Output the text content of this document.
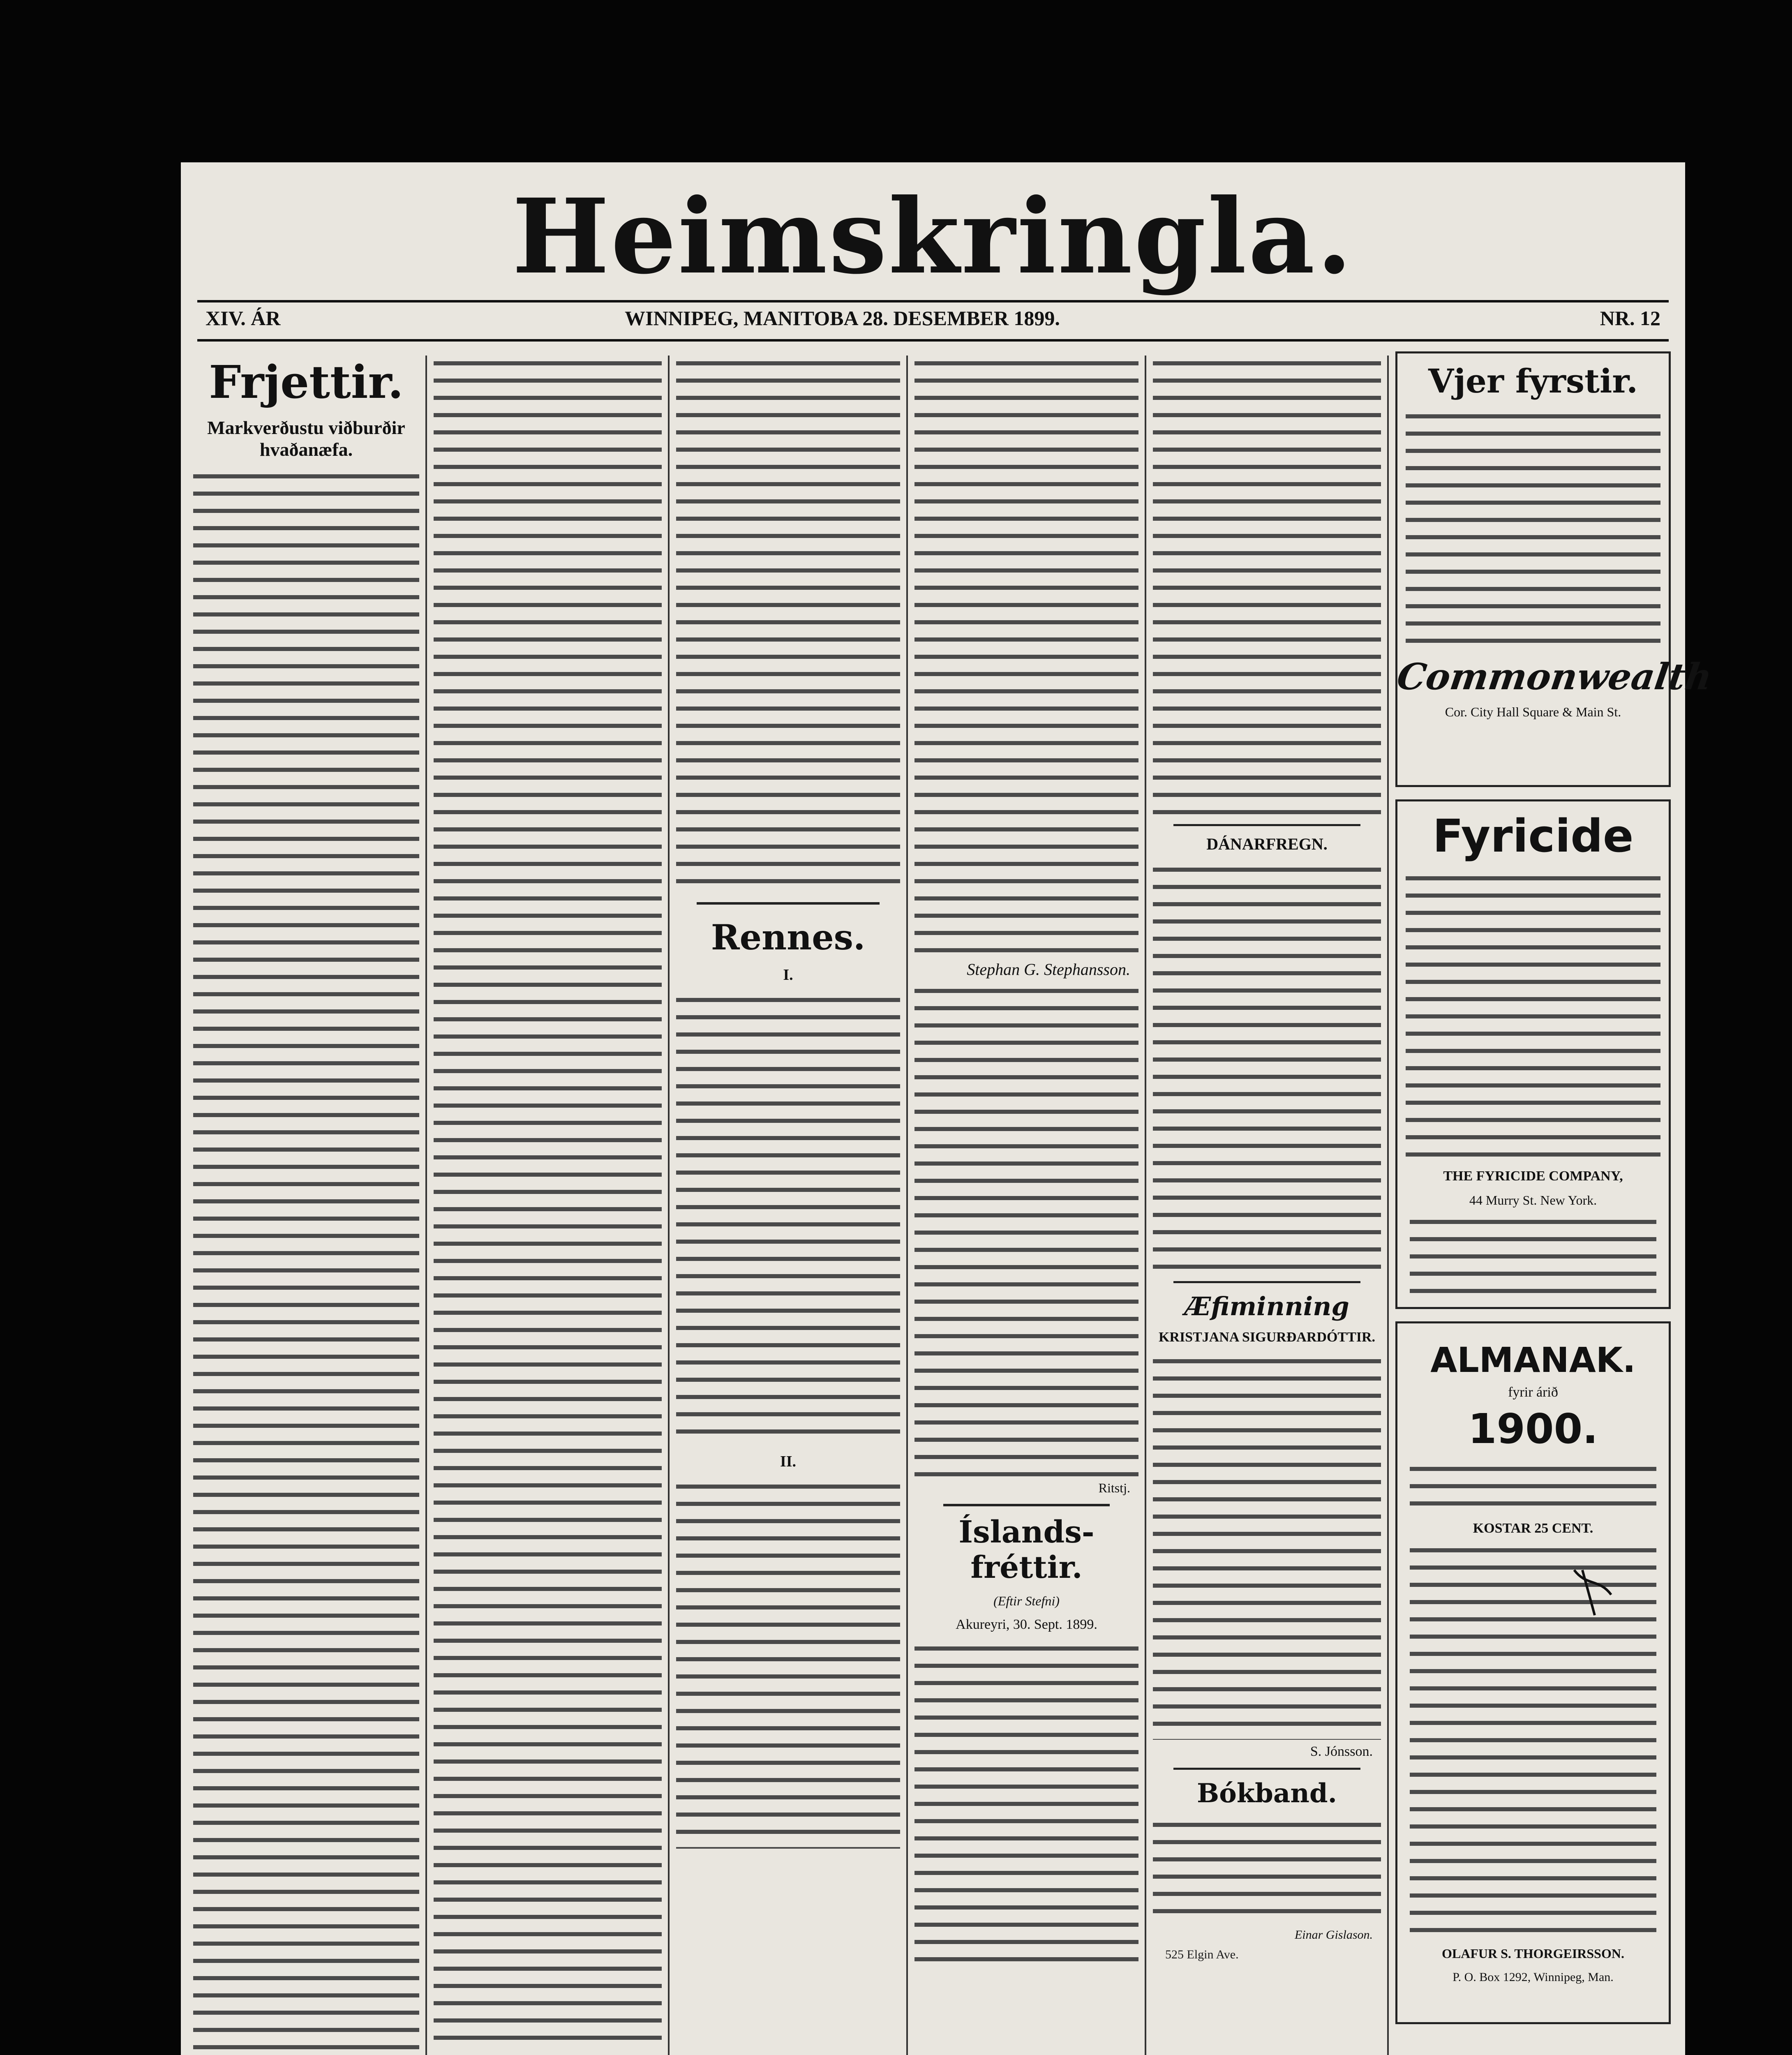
Heimskringla.
XIV. ÁR	WINNIPEG, MANITOBA 28. DESEMBER 1899.	NR. 12
Frjettir.
Markverðustu viðburðir hvaðanæfa.
Rennes.
I.
II.
Stephan G. Stephansson.
Ritstj.
Íslands-fréttir.
(Eftir Stefni)
Akureyri, 30. Sept. 1899.
DÁNARFREGN.
Æfiminning
KRISTJANA SIGURÐARDÓTTIR.
S. Jónsson.
Bókband.
Einar Gislason.
525 Elgin Ave.
Vjer fyrstir.
Commonwealth
Cor. City Hall Square & Main St.
Fyricide
THE FYRICIDE COMPANY,
44 Murry St. New York.
ALMANAK.
fyrir árið
1900.
KOSTAR 25 CENT.
OLAFUR S. THORGEIRSSON.
P. O. Box 1292, Winnipeg, Man.
